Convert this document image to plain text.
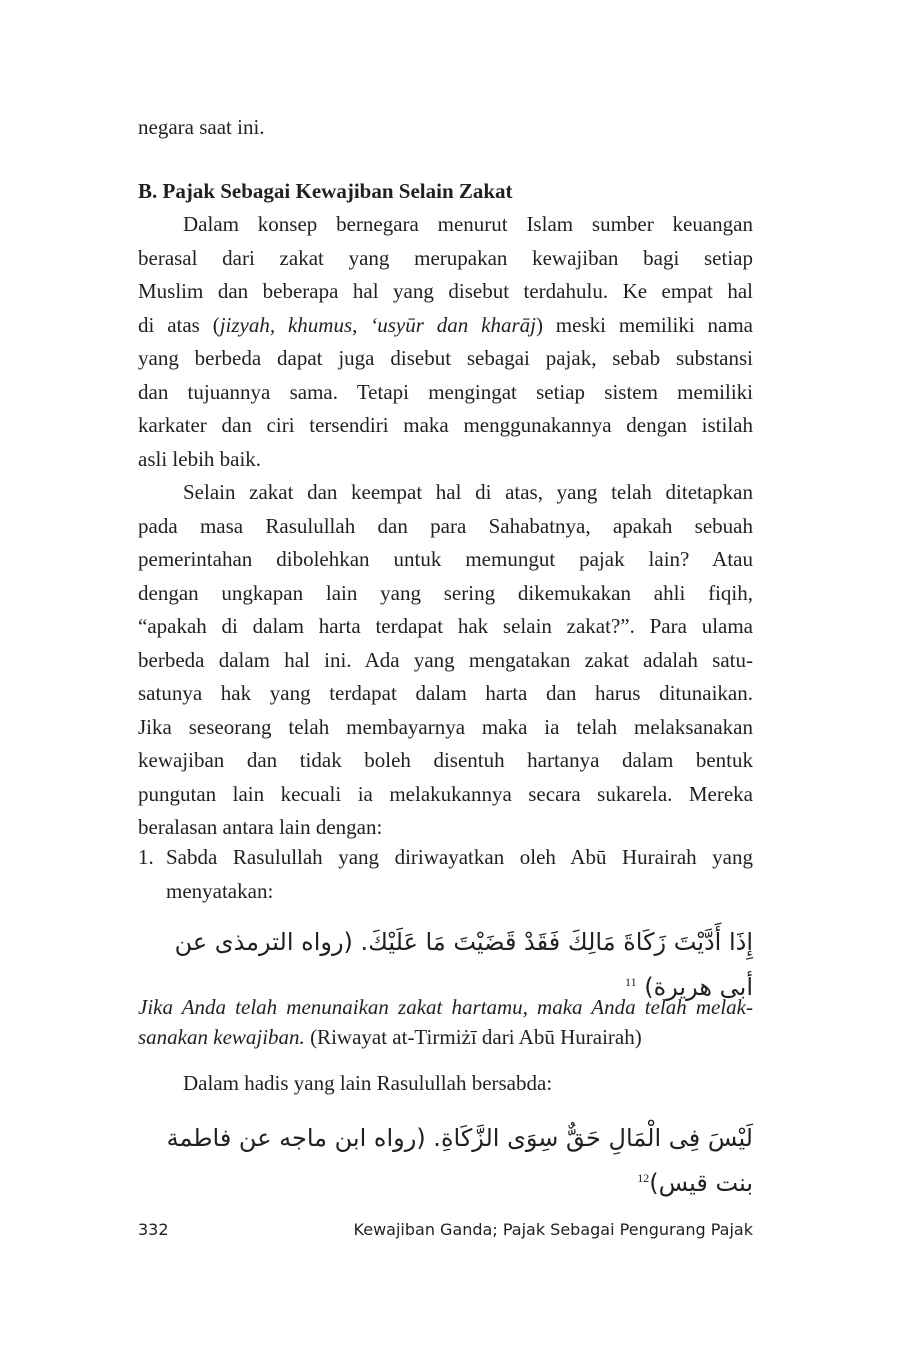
negara saat ini.
B. Pajak Sebagai Kewajiban Selain Zakat
Dalam konsep bernegara menurut Islam sumber keuangan
berasal dari zakat yang merupakan kewajiban bagi setiap
Muslim dan beberapa hal yang disebut terdahulu. Ke empat hal
di atas (jizyah, khumus, ‘usyūr dan kharāj) meski memiliki nama
yang berbeda dapat juga disebut sebagai pajak, sebab substansi
dan tujuannya sama. Tetapi mengingat setiap sistem memiliki
karkater dan ciri tersendiri maka menggunakannya dengan istilah
asli lebih baik.
Selain zakat dan keempat hal di atas, yang telah ditetapkan
pada masa Rasulullah dan para Sahabatnya, apakah sebuah
pemerintahan dibolehkan untuk memungut pajak lain? Atau
dengan ungkapan lain yang sering dikemukakan ahli fiqih,
“apakah di dalam harta terdapat hak selain zakat?”. Para ulama
berbeda dalam hal ini. Ada yang mengatakan zakat adalah satu-
satunya hak yang terdapat dalam harta dan harus ditunaikan.
Jika seseorang telah membayarnya maka ia telah melaksanakan
kewajiban dan tidak boleh disentuh hartanya dalam bentuk
pungutan lain kecuali ia melakukannya secara sukarela. Mereka
beralasan antara lain dengan:
1. Sabda Rasulullah yang diriwayatkan oleh Abū Hurairah yang
menyatakan:
إِذَا أَدَّيْتَ زَكَاةَ مَالِكَ فَقَدْ قَضَيْتَ مَا عَلَيْكَ. (رواه الترمذى عن أبى هريرة) $^{11}$
Jika Anda telah menunaikan zakat hartamu, maka Anda telah melak-
sanakan kewajiban. (Riwayat at-Tirmiżī dari Abū Hurairah)
Dalam hadis yang lain Rasulullah bersabda:
لَيْسَ فِى الْمَالِ حَقٌّ سِوَى الزَّكَاةِ. (رواه ابن ماجه عن فاطمة بنت قيس)$^{12}$
332	Kewajiban Ganda; Pajak Sebagai Pengurang Pajak
